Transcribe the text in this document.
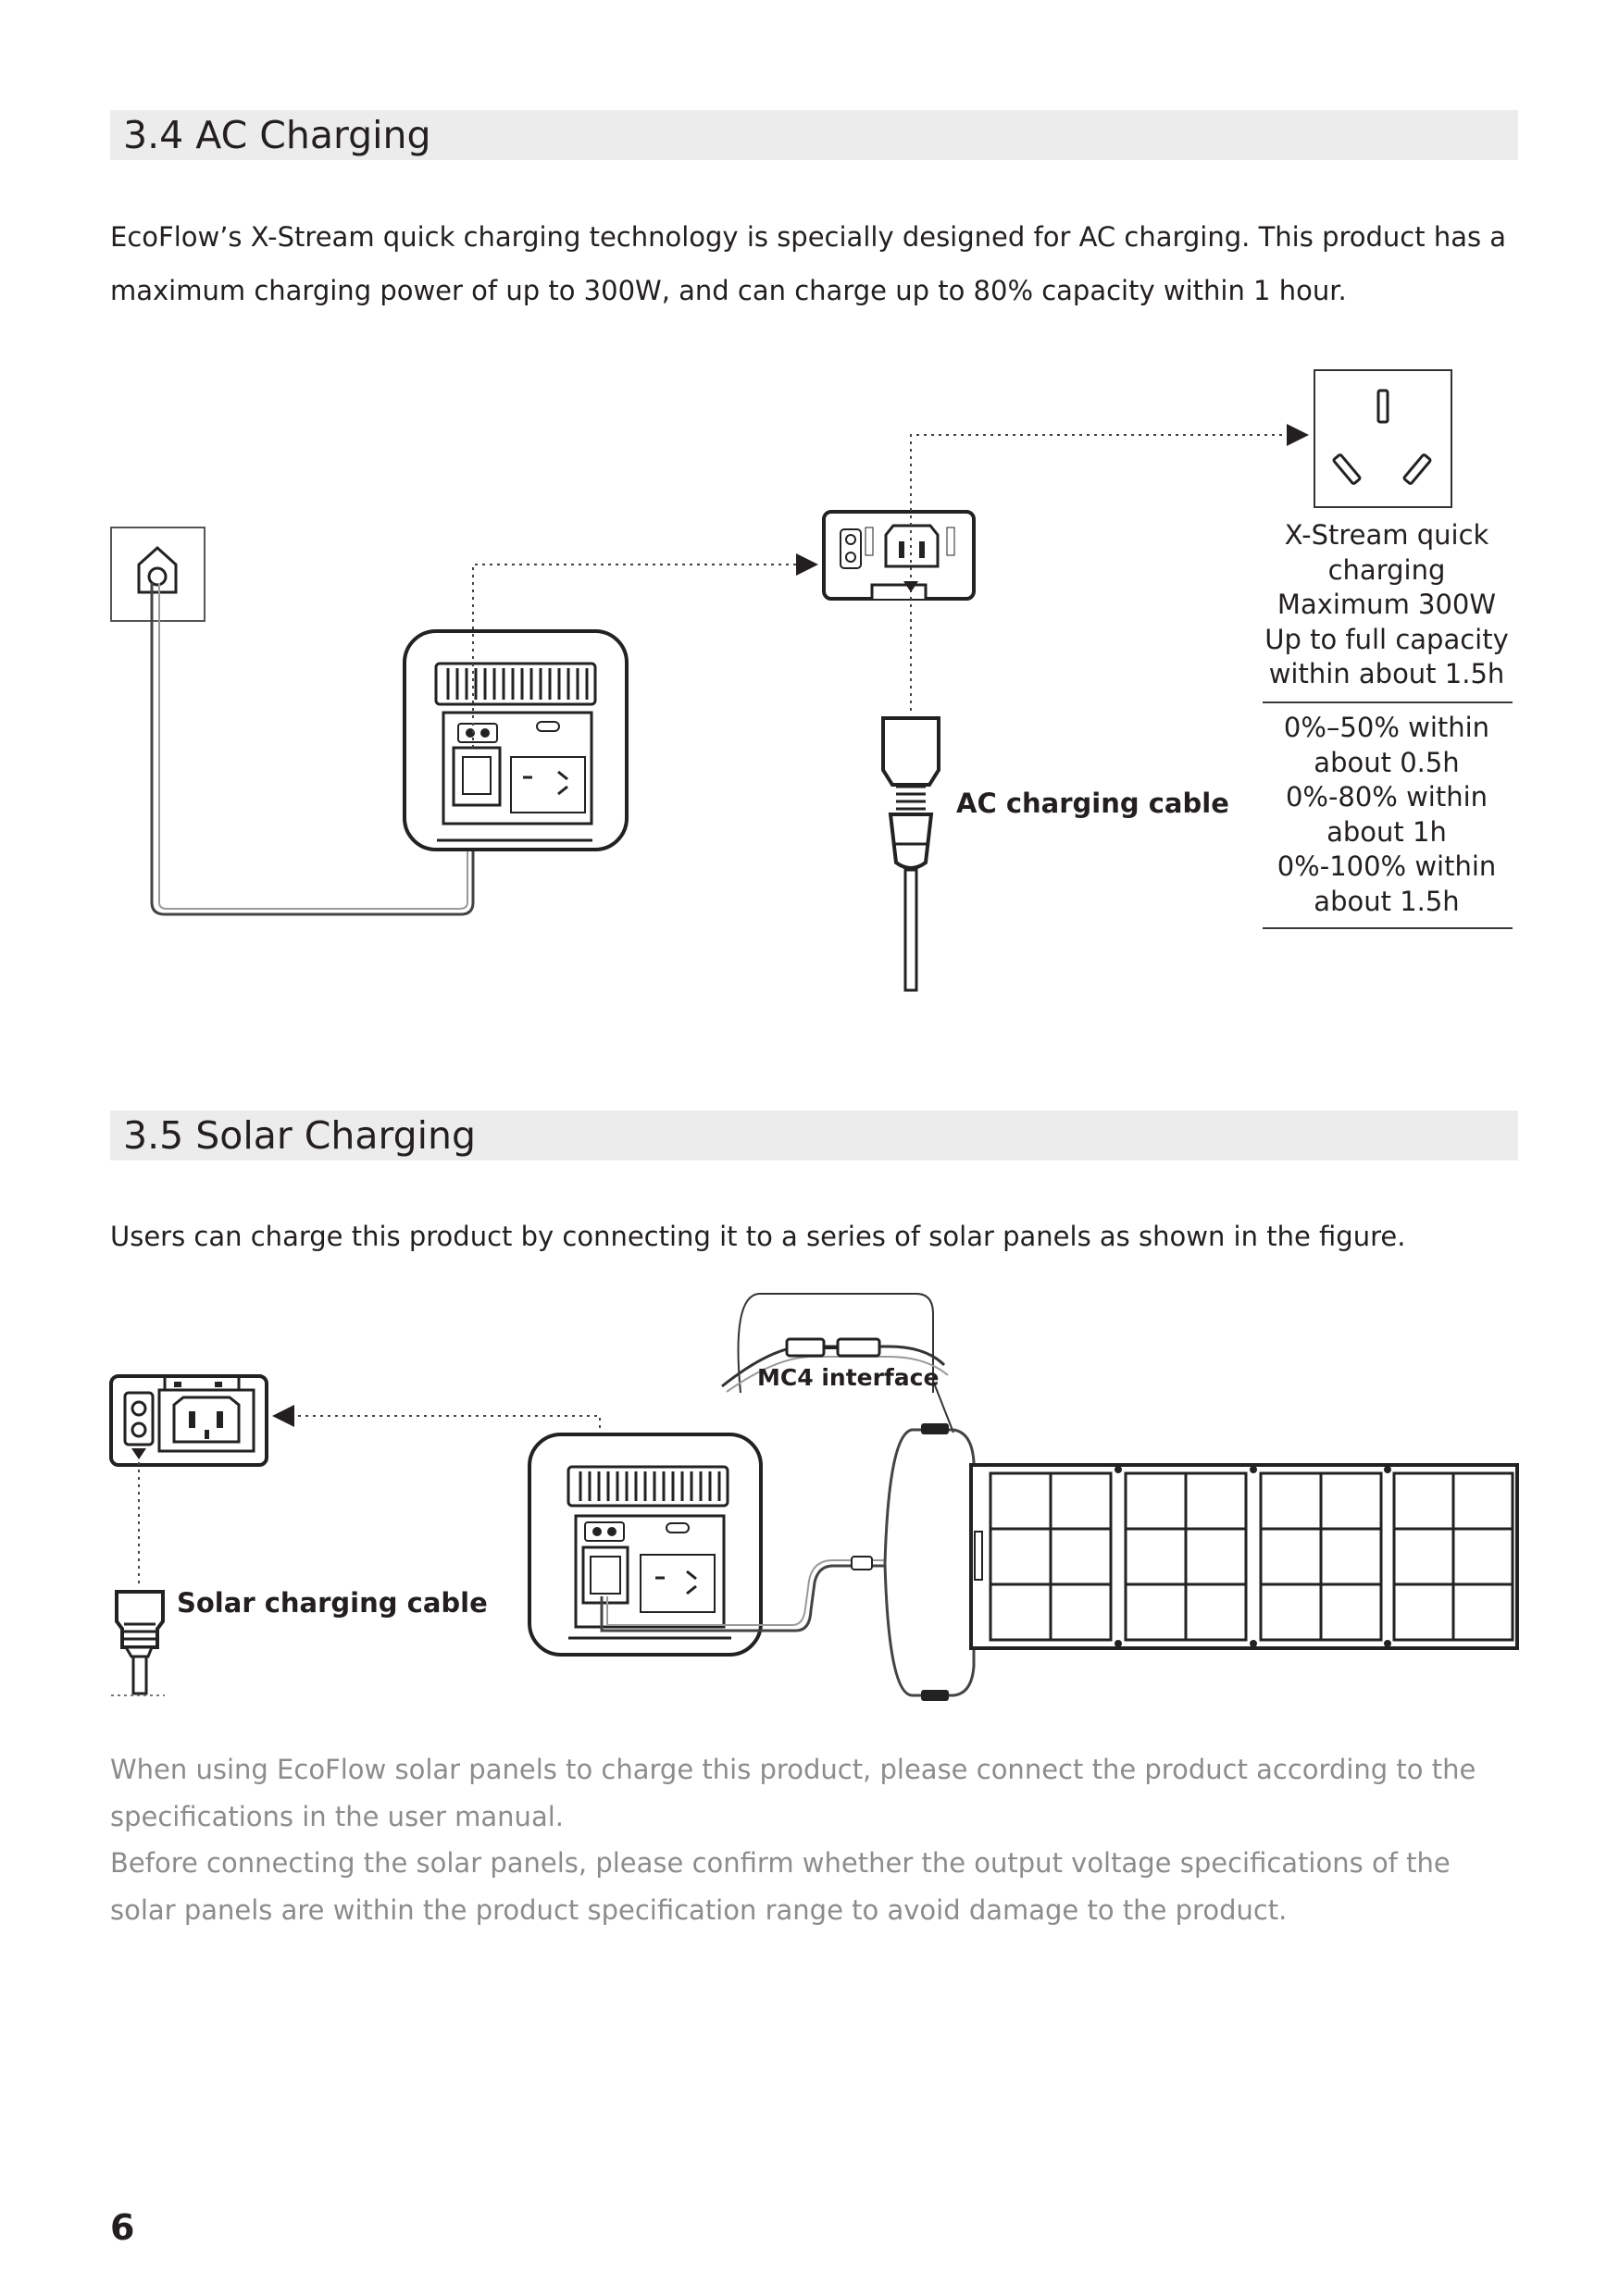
3.4 AC Charging

EcoFlow’s X-Stream quick charging technology is specially designed for AC charging. This product has a

maximum charging power of up to 300W, and can charge up to 80% capacity within 1 hour.

AC charging cable
X-Stream quick
charging
Maximum 300W
Up to full capacity
within about 1.5h
0%–50% within
about 0.5h
0%-80% within
about 1h
0%-100% within
about 1.5h
3.5 Solar Charging

Users can charge this product by connecting it to a series of solar panels as shown in the figure.

MC4 interface
Solar charging cable

When using EcoFlow solar panels to charge this product, please connect the product according to the

specifications in the user manual.

Before connecting the solar panels, please confirm whether the output voltage specifications of the

solar panels are within the product specification range to avoid damage to the product.

6
